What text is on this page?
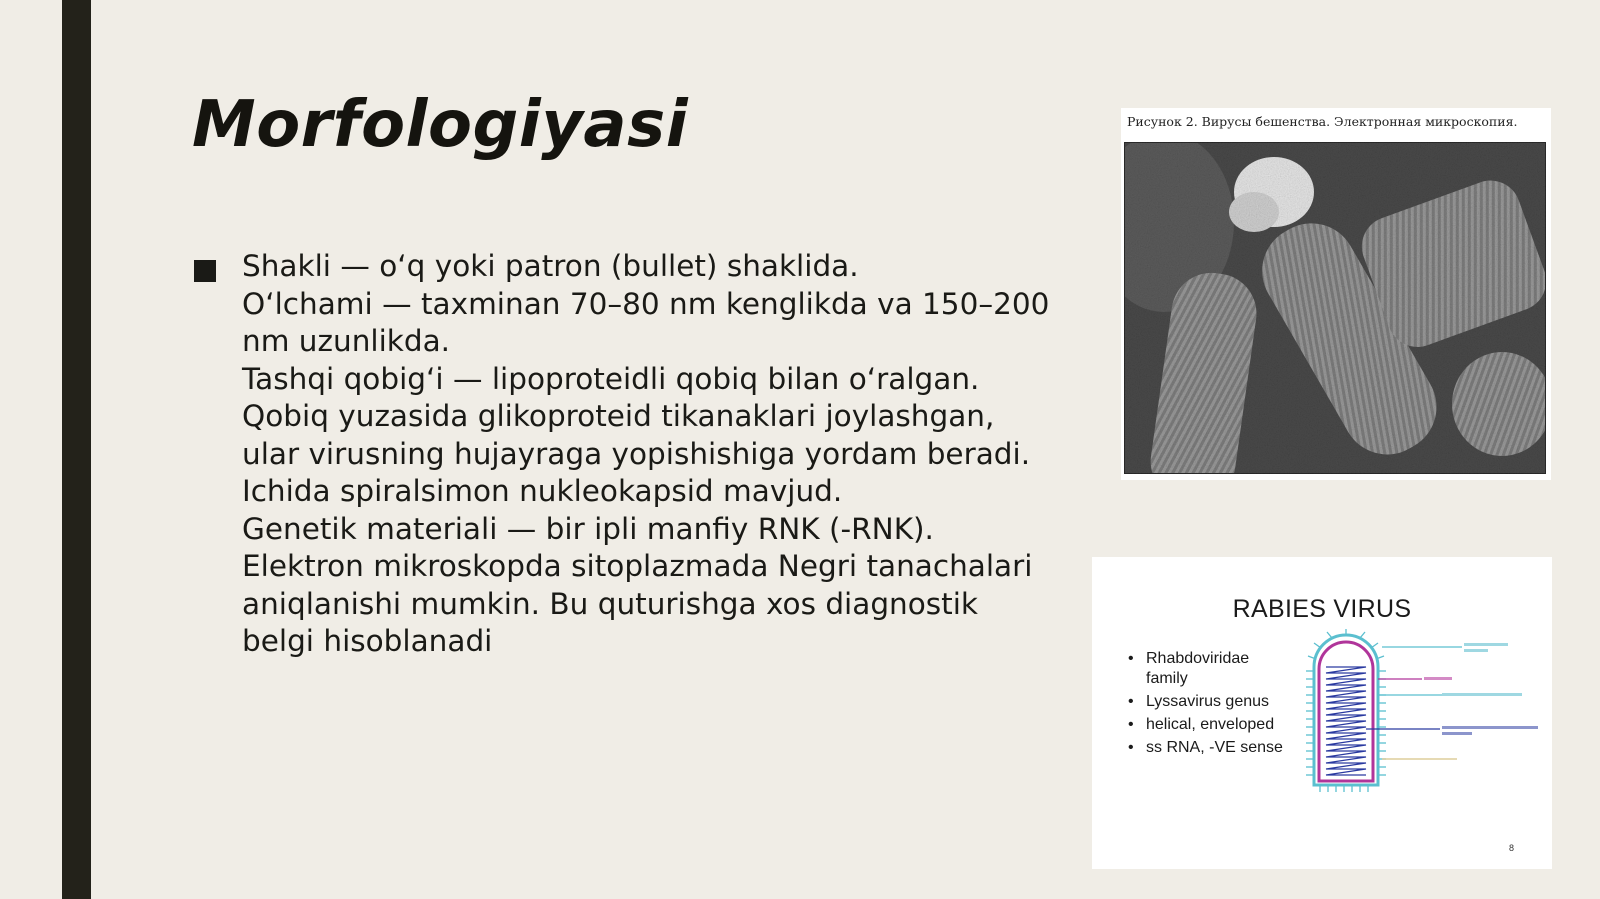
Morfologiyasi
Shakli — oʻq yoki patron (bullet) shaklida.
Oʻlchami — taxminan 70–80 nm kenglikda va 150–200
nm uzunlikda.
Tashqi qobigʻi — lipoproteidli qobiq bilan oʻralgan.
Qobiq yuzasida glikoproteid tikanaklari joylashgan,
ular virusning hujayraga yopishishiga yordam beradi.
Ichida spiralsimon nukleokapsid mavjud.
Genetik materiali — bir ipli manfiy RNK (-RNK).
Elektron mikroskopda sitoplazmada Negri tanachalari
aniqlanishi mumkin. Bu quturishga xos diagnostik
belgi hisoblanadi
Рисунок 2. Вирусы бешенства. Электронная микроскопия.
RABIES VIRUS
• Rhabdoviridae
family
• Lyssavirus genus
• helical, enveloped
• ss RNA, -VE sense
8
